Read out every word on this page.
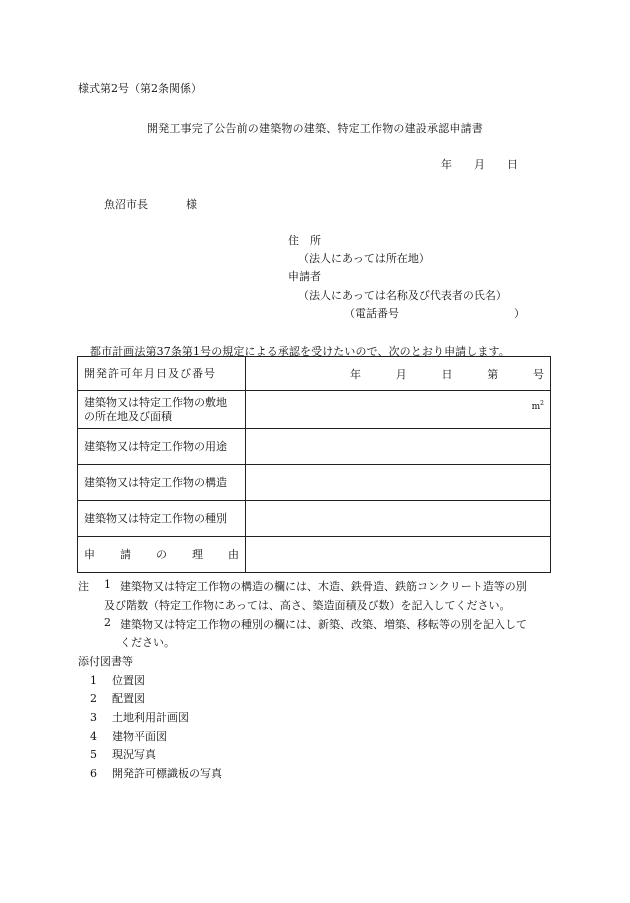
様式第2号（第2条関係）
開発工事完了公告前の建築物の建築、特定工作物の建設承認申請書
年 月 日
魚沼市長	様
住　所
（法人にあっては所在地）
申請者
（法人にあっては名称及び代表者の氏名）
（電話番号	）
都市計画法第37条第1号の規定による承認を受けたいので、次のとおり申請します。
開発許可年月日及び番号	年 月 日 第 号

建築物又は特定工作物の敷地
の所在地及び面積	$m^2$

建築物又は特定工作物の用途	
建築物又は特定工作物の構造	
建築物又は特定工作物の種別	

申 請 の 理 由	

注 1 建築物又は特定工作物の構造の欄には、木造、鉄骨造、鉄筋コンクリート造等の別
及び階数（特定工作物にあっては、高さ、築造面積及び数）を記入してください。
2 建築物又は特定工作物の種別の欄には、新築、改築、増築、移転等の別を記入して
ください。
添付図書等
1 位置図
2 配置図
3 土地利用計画図
4 建物平面図
5 現況写真
6 開発許可標識板の写真
